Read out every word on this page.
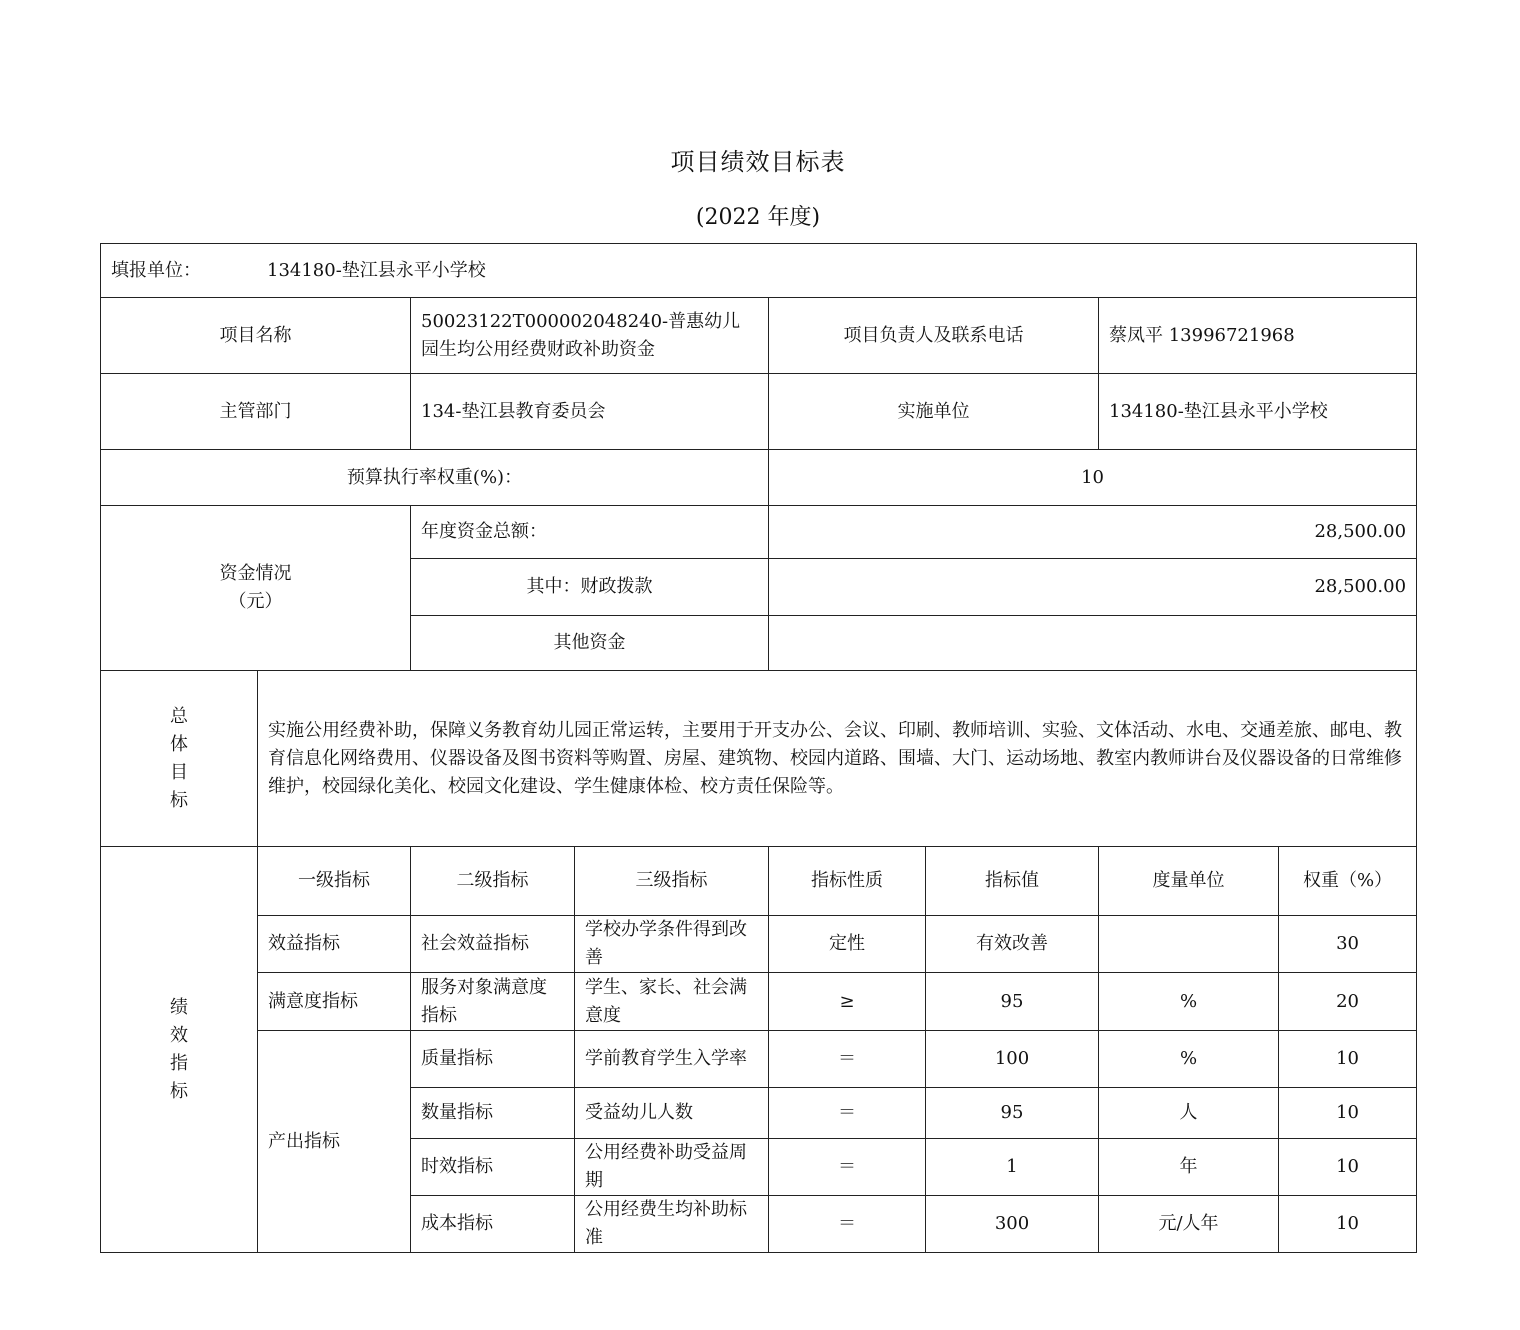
项目绩效目标表
(2022 年度)
填报单位： 134180-垫江县永平小学校							
项目名称		50023122T000002048240-普惠幼儿园生均公用经费财政补助资金		项目负责人及联系电话		蔡凤平 13996721968	
主管部门		134-垫江县教育委员会		实施单位		134180-垫江县永平小学校	
预算执行率权重(%)：				10			

资金情况
（元）		年度资金总额：		28,500.00			
		其中：财政拨款		28,500.00			
		其他资金					

总
体
目
标	实施公用经费补助，保障义务教育幼儿园正常运转，主要用于开支办公、会议、印刷、教师培训、实验、文体活动、水电、交通差旅、邮电、教育信息化网络费用、仪器设备及图书资料等购置、房屋、建筑物、校园内道路、围墙、大门、运动场地、教室内教师讲台及仪器设备的日常维修维护，校园绿化美化、校园文化建设、学生健康体检、校方责任保险等。						

绩
效
指
标	一级指标	二级指标	三级指标	指标性质	指标值	度量单位	权重（%）
	效益指标	社会效益指标	学校办学条件得到改善	定性	有效改善		30
	满意度指标	服务对象满意度指标	学生、家长、社会满意度	≥	95	%	20
	产出指标	质量指标	学前教育学生入学率	＝	100	%	10
		数量指标	受益幼儿人数	＝	95	人	10
		时效指标	公用经费补助受益周期	＝	1	年	10
		成本指标	公用经费生均补助标准	＝	300	元/人年	10
